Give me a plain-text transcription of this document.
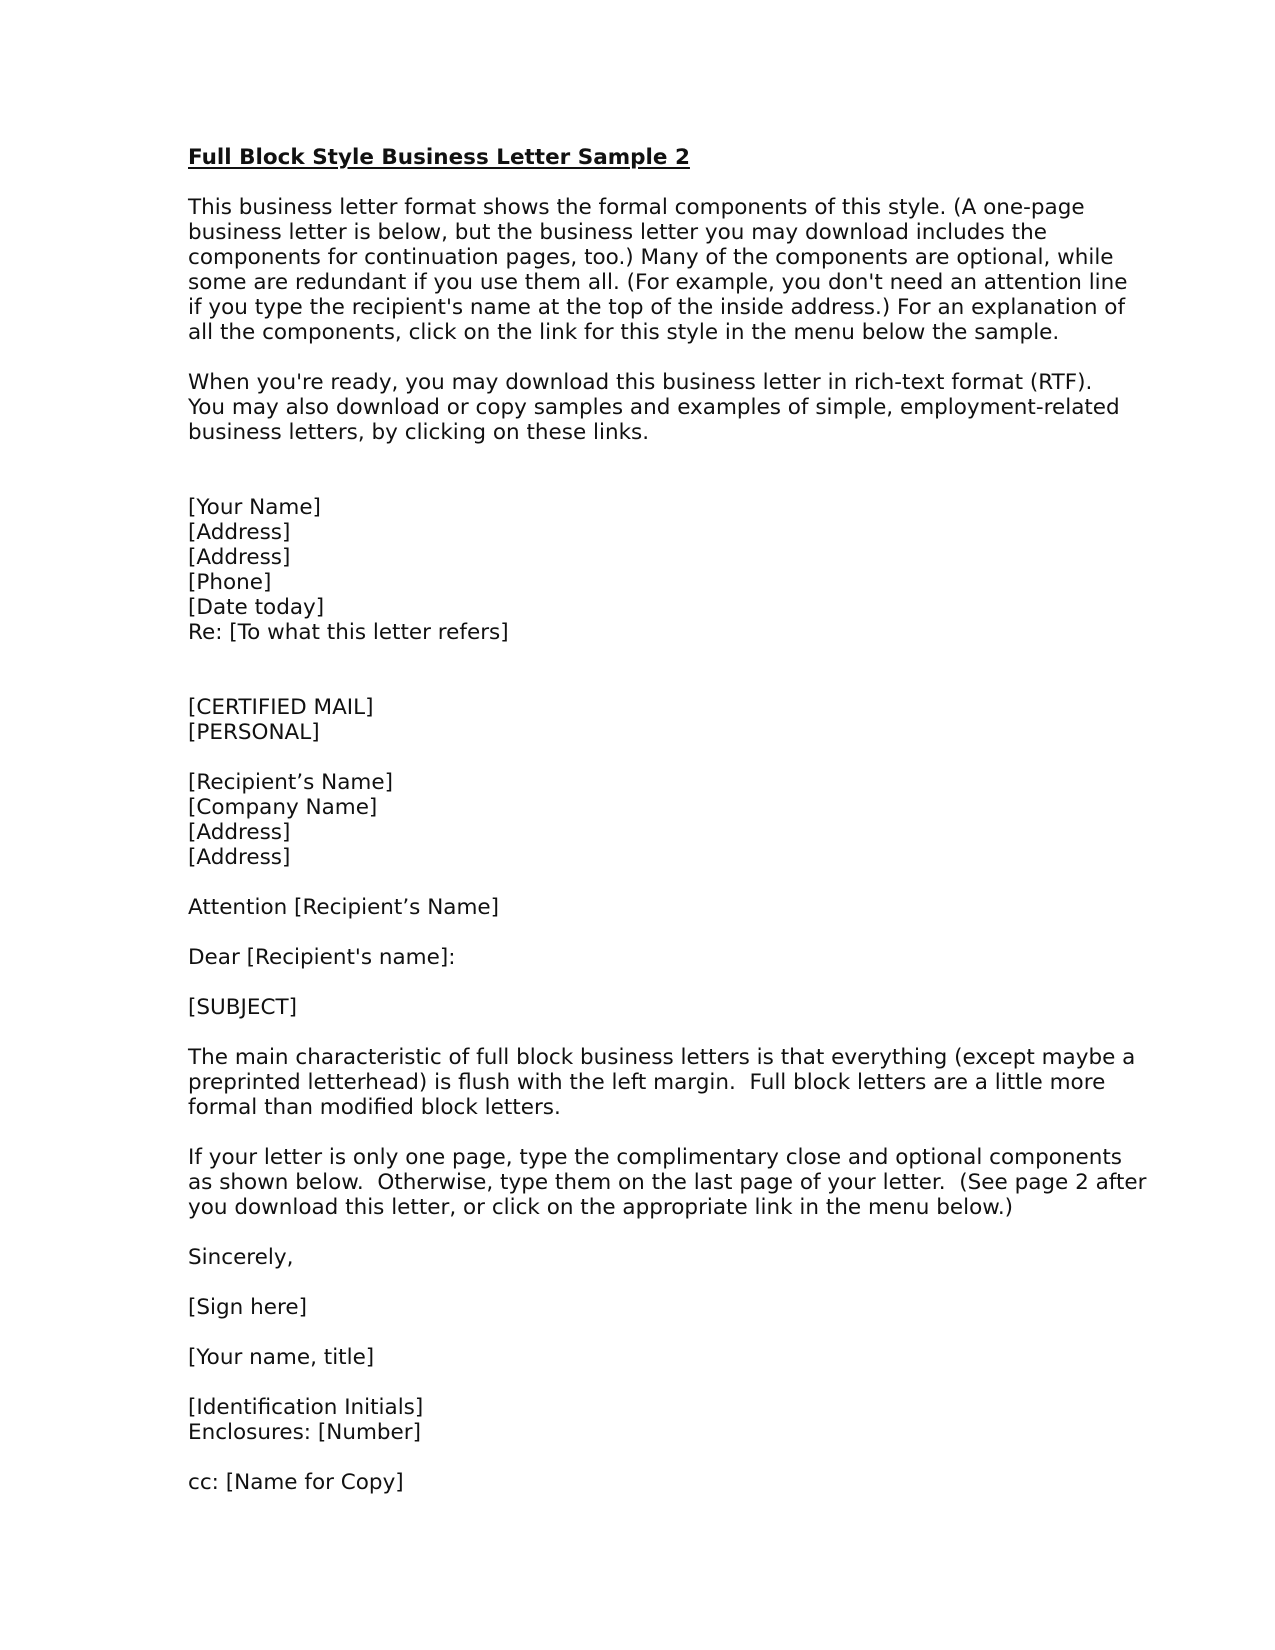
Full Block Style Business Letter Sample 2
This business letter format shows the formal components of this style. (A one-page
business letter is below, but the business letter you may download includes the
components for continuation pages, too.) Many of the components are optional, while
some are redundant if you use them all. (For example, you don't need an attention line
if you type the recipient's name at the top of the inside address.) For an explanation of
all the components, click on the link for this style in the menu below the sample.
When you're ready, you may download this business letter in rich-text format (RTF).
You may also download or copy samples and examples of simple, employment-related
business letters, by clicking on these links.
[Your Name]
[Address]
[Address]
[Phone]
[Date today]
Re: [To what this letter refers]
[CERTIFIED MAIL]
[PERSONAL]
[Recipient’s Name]
[Company Name]
[Address]
[Address]
Attention [Recipient’s Name]
Dear [Recipient's name]:
[SUBJECT]
The main characteristic of full block business letters is that everything (except maybe a
preprinted letterhead) is flush with the left margin.  Full block letters are a little more
formal than modified block letters.
If your letter is only one page, type the complimentary close and optional components
as shown below.  Otherwise, type them on the last page of your letter.  (See page 2 after
you download this letter, or click on the appropriate link in the menu below.)
Sincerely,
[Sign here]
[Your name, title]
[Identification Initials]
Enclosures: [Number]
cc: [Name for Copy]
